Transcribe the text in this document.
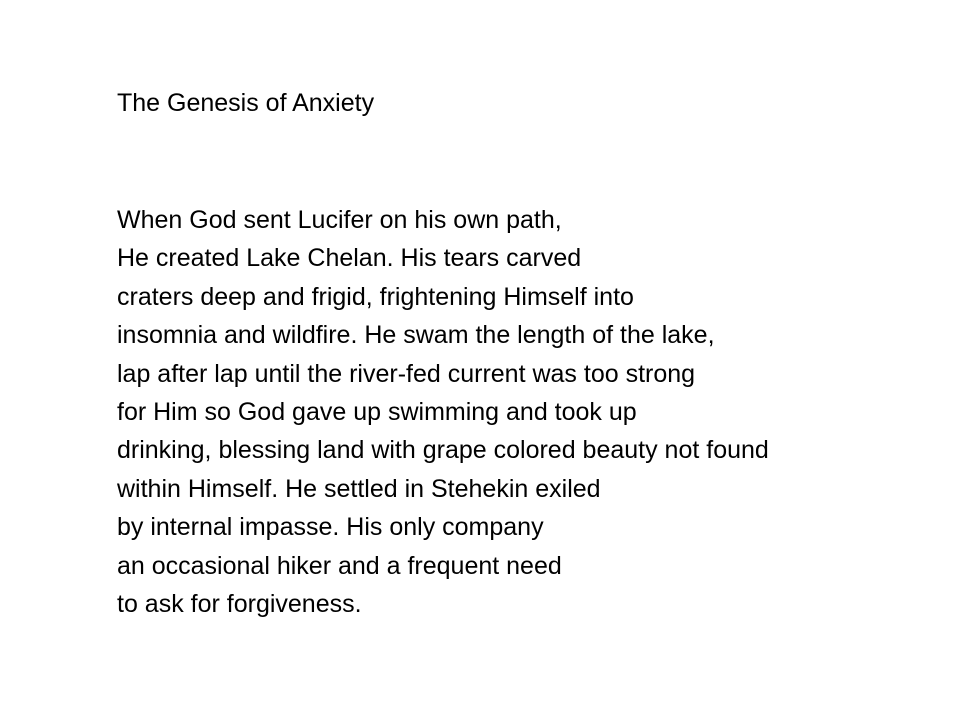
The Genesis of Anxiety
When God sent Lucifer on his own path,
He created Lake Chelan. His tears carved
craters deep and frigid, frightening Himself into
insomnia and wildfire. He swam the length of the lake,
lap after lap until the river-fed current was too strong
for Him so God gave up swimming and took up
drinking, blessing land with grape colored beauty not found
within Himself. He settled in Stehekin exiled
by internal impasse. His only company
an occasional hiker and a frequent need
to ask for forgiveness.
